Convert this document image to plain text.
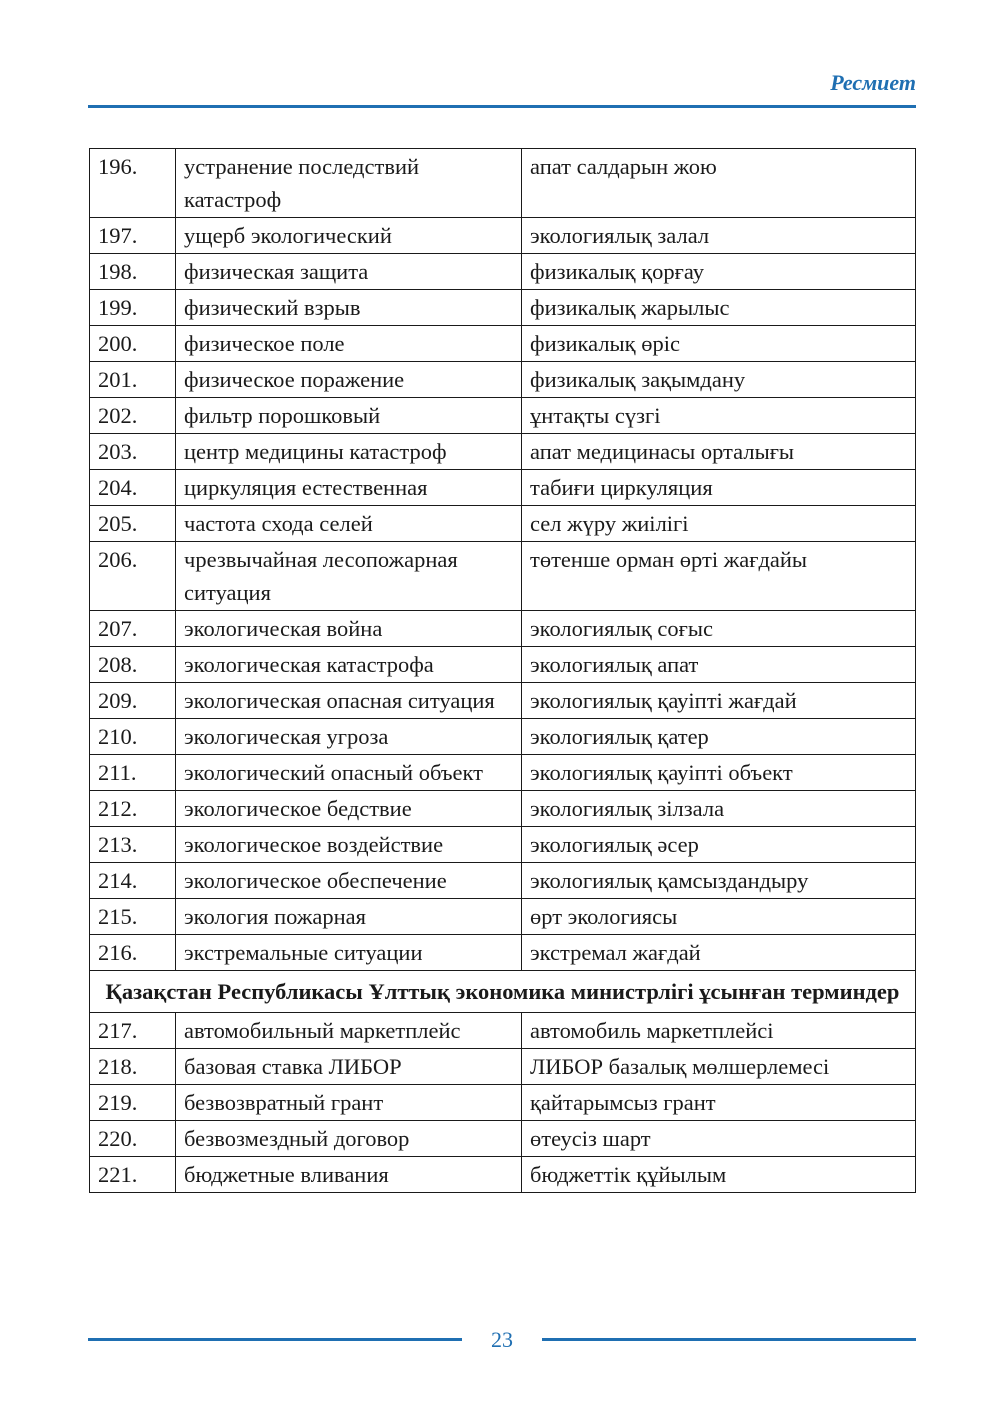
Ресмиет
196.	устранение последствий катастроф	апат салдарын жою
197.	ущерб экологический	экологиялық залал
198.	физическая защита	физикалық қорғау
199.	физический взрыв	физикалық жарылыс
200.	физическое поле	физикалық өріс
201.	физическое поражение	физикалық зақымдану
202.	фильтр порошковый	ұнтақты сүзгі
203.	центр медицины катастроф	апат медицинасы орталығы
204.	циркуляция естественная	табиғи циркуляция
205.	частота схода селей	сел жүру жиілігі
206.	чрезвычайная лесопожарная ситуация	төтенше орман өрті жағдайы
207.	экологическая война	экологиялық соғыс
208.	экологическая катастрофа	экологиялық апат
209.	экологическая опасная ситуация	экологиялық қауіпті жағдай
210.	экологическая угроза	экологиялық қатер
211.	экологический опасный объект	экологиялық қауіпті объект
212.	экологическое бедствие	экологиялық зілзала
213.	экологическое воздействие	экологиялық әсер
214.	экологическое обеспечение	экологиялық қамсыздандыру
215.	экология пожарная	өрт экологиясы
216.	экстремальные ситуации	экстремал жағдай
Қазақстан Республикасы Ұлттық экономика министрлігі ұсынған терминдер		
217.	автомобильный маркетплейс	автомобиль маркетплейсі
218.	базовая ставка ЛИБОР	ЛИБОР базалық мөлшерлемесі
219.	безвозвратный грант	қайтарымсыз грант
220.	безвозмездный договор	өтеусіз шарт
221.	бюджетные вливания	бюджеттік құйылым
23
